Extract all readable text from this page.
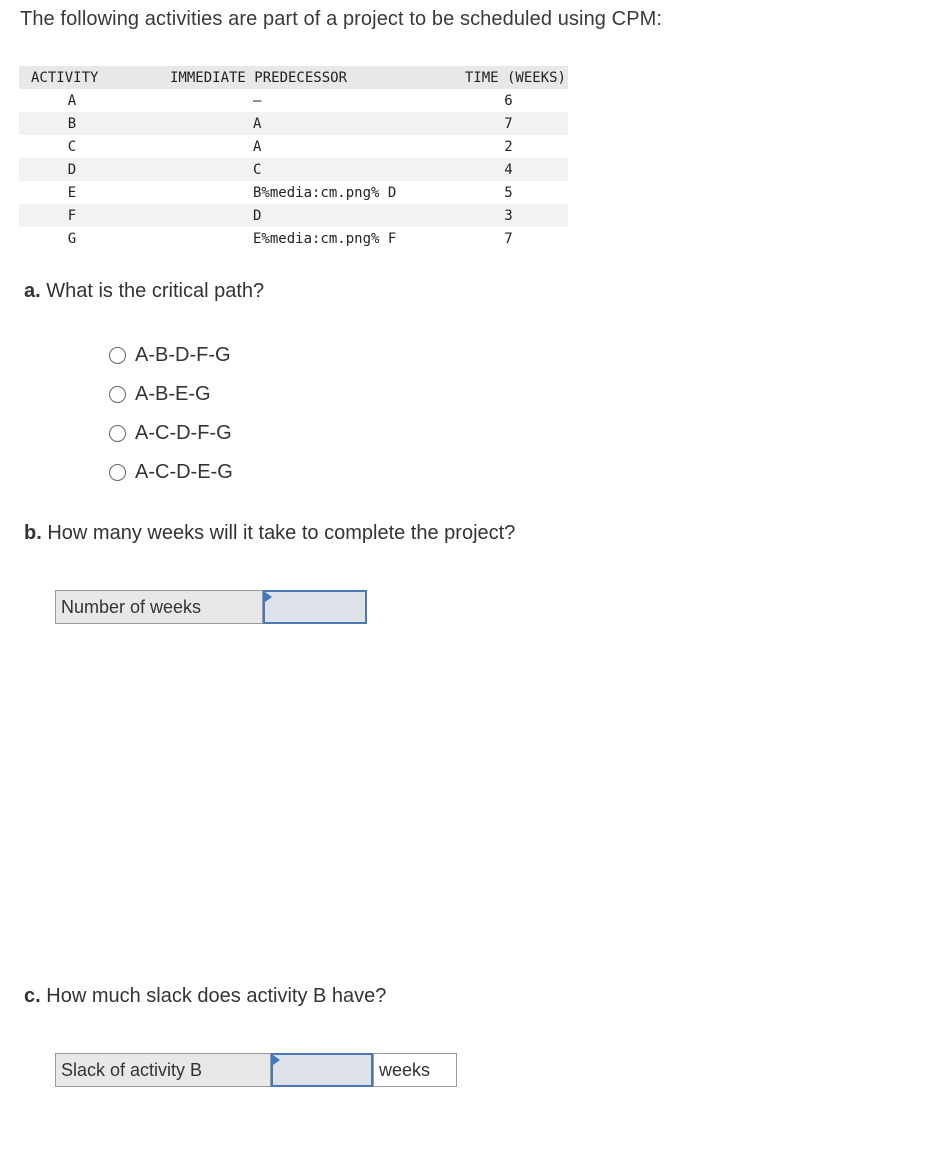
The following activities are part of a project to be scheduled using CPM:
ACTIVITY	IMMEDIATE PREDECESSOR	TIME (WEEKS)
A	—	6
B	A	7
C	A	2
D	C	4
E	B%media:cm.png% D	5
F	D	3
G	E%media:cm.png% F	7
a. What is the critical path?
A-B-D-F-G
A-B-E-G
A-C-D-F-G
A-C-D-E-G
b. How many weeks will it take to complete the project?
Number of weeks
c. How much slack does activity B have?
Slack of activity B	weeks
